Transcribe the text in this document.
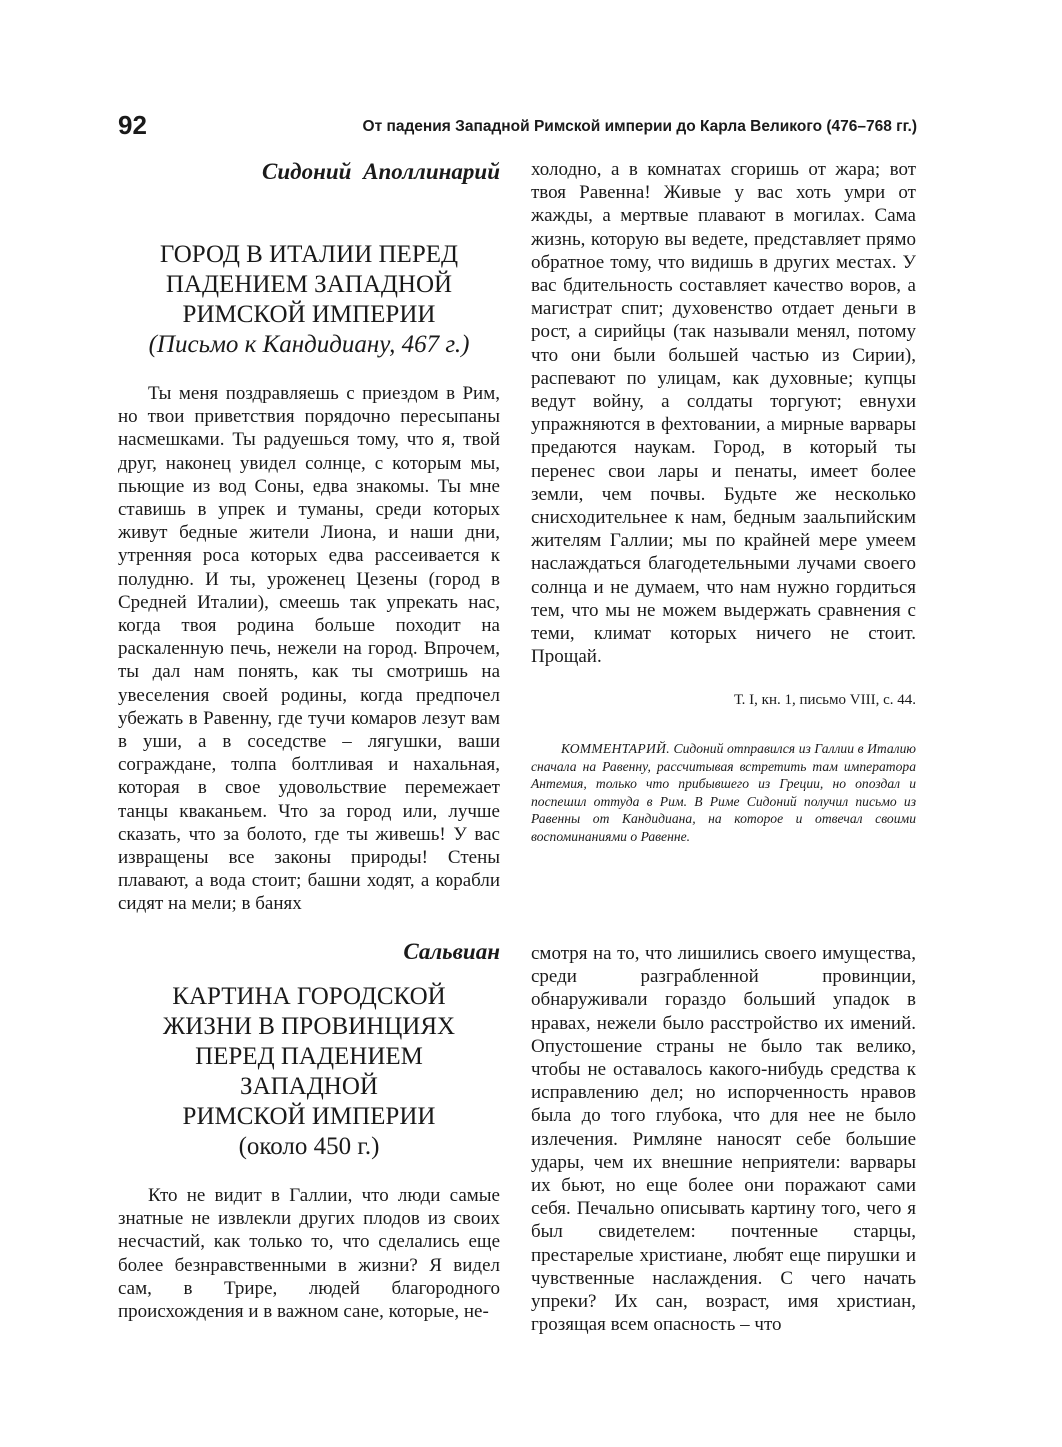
92	От падения Западной Римской империи до Карла Великого (476–768 гг.)
Сидоний Аполлинарий
ГОРОД В ИТАЛИИ ПЕРЕД
ПАДЕНИЕМ ЗАПАДНОЙ
РИМСКОЙ ИМПЕРИИ
(Письмо к Кандидиану, 467 г.)
Ты меня поздравляешь с приездом в Рим, но твои приветствия порядочно пересыпаны насмешками. Ты радуешься тому, что я, твой друг, наконец увидел солнце, с которым мы, пьющие из вод Соны, едва знакомы. Ты мне ставишь в упрек и туманы, среди которых живут бедные жители Лиона, и наши дни, утренняя роса которых едва рассеивается к полудню. И ты, уроженец Цезены (город в Средней Италии), смеешь так упрекать нас, когда твоя родина больше походит на раскаленную печь, нежели на город. Впрочем, ты дал нам понять, как ты смотришь на увеселения своей родины, когда предпочел убежать в Равенну, где тучи комаров лезут вам в уши, а в соседстве – лягушки, ваши сограждане, толпа болтливая и нахальная, которая в свое удовольствие перемежает танцы кваканьем. Что за город или, лучше сказать, что за болото, где ты живешь! У вас извращены все законы природы! Стены плавают, а вода стоит; башни ходят, а корабли сидят на мели; в банях
холодно, а в комнатах сгоришь от жара; вот твоя Равенна! Живые у вас хоть умри от жажды, а мертвые плавают в могилах. Сама жизнь, которую вы ведете, представляет прямо обратное тому, что видишь в других местах. У вас бдительность составляет качество воров, а магистрат спит; духовенство отдает деньги в рост, а сирийцы (так называли менял, потому что они были большей частью из Сирии), распевают по улицам, как духовные; купцы ведут войну, а солдаты торгуют; евнухи упражняются в фехтовании, а мирные варвары предаются наукам. Город, в который ты перенес свои лары и пенаты, имеет более земли, чем почвы. Будьте же несколько снисходительнее к нам, бедным заальпийским жителям Галлии; мы по крайней мере умеем наслаждаться благодетельными лучами своего солнца и не думаем, что нам нужно гордиться тем, что мы не можем выдержать сравнения с теми, климат которых ничего не стоит. Прощай.
Т. I, кн. 1, письмо VIII, с. 44.
КОММЕНТАРИЙ. Сидоний отправился из Галлии в Италию сначала на Равенну, рассчитывая встретить там императора Антемия, только что прибывшего из Греции, но опоздал и поспешил оттуда в Рим. В Риме Сидоний получил письмо из Равенны от Кандидиана, на которое и отвечал своими воспоминаниями о Равенне.
Сальвиан
КАРТИНА ГОРОДСКОЙ
ЖИЗНИ В ПРОВИНЦИЯХ
ПЕРЕД ПАДЕНИЕМ
ЗАПАДНОЙ
РИМСКОЙ ИМПЕРИИ
(около 450 г.)
Кто не видит в Галлии, что люди самые знатные не извлекли других плодов из своих несчастий, как только то, что сделались еще более безнравственными в жизни? Я видел сам, в Трире, людей благородного происхождения и в важном сане, которые, не-
смотря на то, что лишились своего имущества, среди разграбленной провинции, обнаруживали гораздо больший упадок в нравах, нежели было расстройство их имений. Опустошение страны не было так велико, чтобы не оставалось какого-нибудь средства к исправлению дел; но испорченность нравов была до того глубока, что для нее не было излечения. Римляне наносят себе большие удары, чем их внешние неприятели: варвары их бьют, но еще более они поражают сами себя. Печально описывать картину того, чего я был свидетелем: почтенные старцы, престарелые христиане, любят еще пирушки и чувственные наслаждения. С чего начать упреки? Их сан, возраст, имя христиан, грозящая всем опасность – что
